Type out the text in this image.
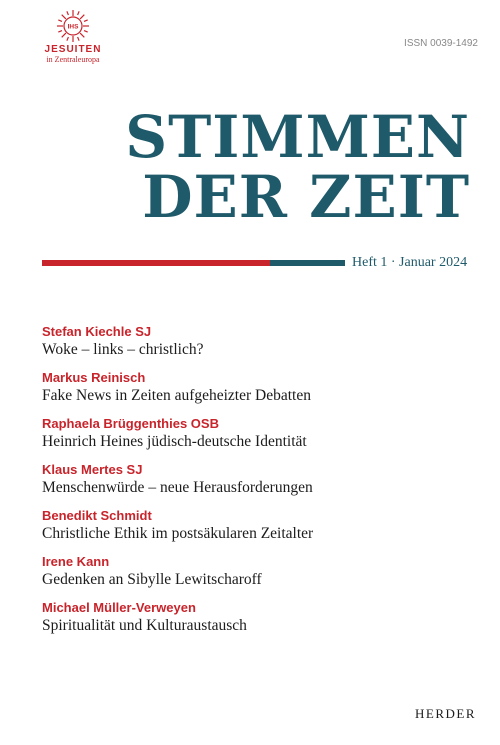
IHS
JESUITEN
in Zentraleuropa
ISSN 0039-1492
STIMMEN
DER ZEIT
Heft 1 · Januar 2024
Stefan Kiechle SJ
Woke – links – christlich?
Markus Reinisch
Fake News in Zeiten aufgeheizter Debatten
Raphaela Brüggenthies OSB
Heinrich Heines jüdisch-deutsche Identität
Klaus Mertes SJ
Menschenwürde – neue Herausforderungen
Benedikt Schmidt
Christliche Ethik im postsäkularen Zeitalter
Irene Kann
Gedenken an Sibylle Lewitscharoff
Michael Müller-Verweyen
Spiritualität und Kulturaustausch
HERDER
